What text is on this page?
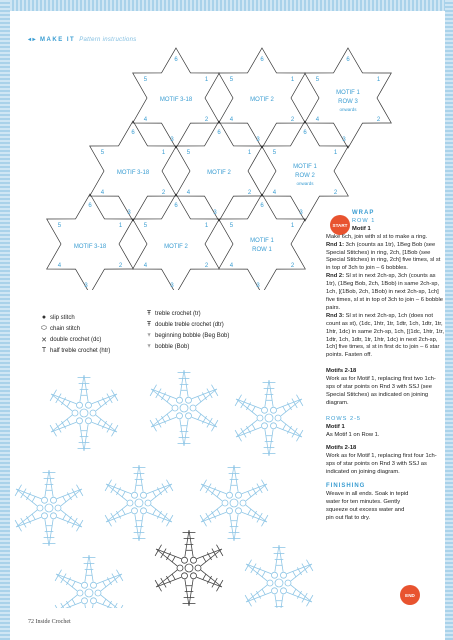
◂▸ MAKE IT Pattern instructions
MOTIF 3-18	MOTIF 2
MOTIF 1
ROW 3
onwards
MOTIF 3-18	MOTIF 2
MOTIF 1
ROW 2
onwards
MOTIF 3-18	MOTIF 2
MOTIF 1
ROW 1
6
1
2
3
4
5
6
1
2
3
4
5
6
1
2
3
4
5
6
1
2
3
4
5
6
1
2
3
4
5
6
1
2
3
4
5
6
1
2
3
4
5
6
1
2
3
4
5
6
1
2
3
4
5
● slip stitch
⬭ chain stitch
✕ double crochet (dc)
T half treble crochet (htr)
Ŧ treble crochet (tr)
Ŧ double treble crochet (dtr)
♆ beginning bobble (Beg Bob)
♆ bobble (Bob)
START
WRAP
ROW 1
Motif 1

Make 6ch, join with sl st to make a ring.

Rnd 1: 3ch (counts as 1tr), 1Beg Bob (see Special Stitches) in ring, 2ch, [1Bob (see Special Stitches) in ring, 2ch] five times, sl st in top of 3ch to join – 6 bobbles.

Rnd 2: Sl st in next 2ch-sp, 3ch (counts as 1tr), (1Beg Bob, 2ch, 1Bob) in same 2ch-sp, 1ch, [(1Bob, 2ch, 1Bob) in next 2ch-sp, 1ch] five times, sl st in top of 3ch to join – 6 bobble pairs.

Rnd 3: Sl st in next 2ch-sp, 1ch (does not count as st), (1dc, 1htr, 1tr, 1dtr, 1ch, 1dtr, 1tr, 1htr, 1dc) in same 2ch-sp, 1ch, [(1dc, 1htr, 1tr, 1dtr, 1ch, 1dtr, 1tr, 1htr, 1dc) in next 2ch-sp, 1ch] five times, sl st in first dc to join – 6 star points. Fasten off.

Motifs 2-18
Work as for Motif 1, replacing first two 1ch-sps of star points on Rnd 3 with SSJ (see Special Stitches) as indicated on joining diagram.

ROWS 2-5

Motif 1
As Motif 1 on Row 1.

Motifs 2-18
Work as for Motif 1, replacing first four 1ch-sps of star points on Rnd 3 with SSJ as indicated on joining diagram.

FINISHING

Weave in all ends. Soak in tepid water for ten minutes. Gently squeeze out excess water and pin out flat to dry.

END
72 Inside Crochet
